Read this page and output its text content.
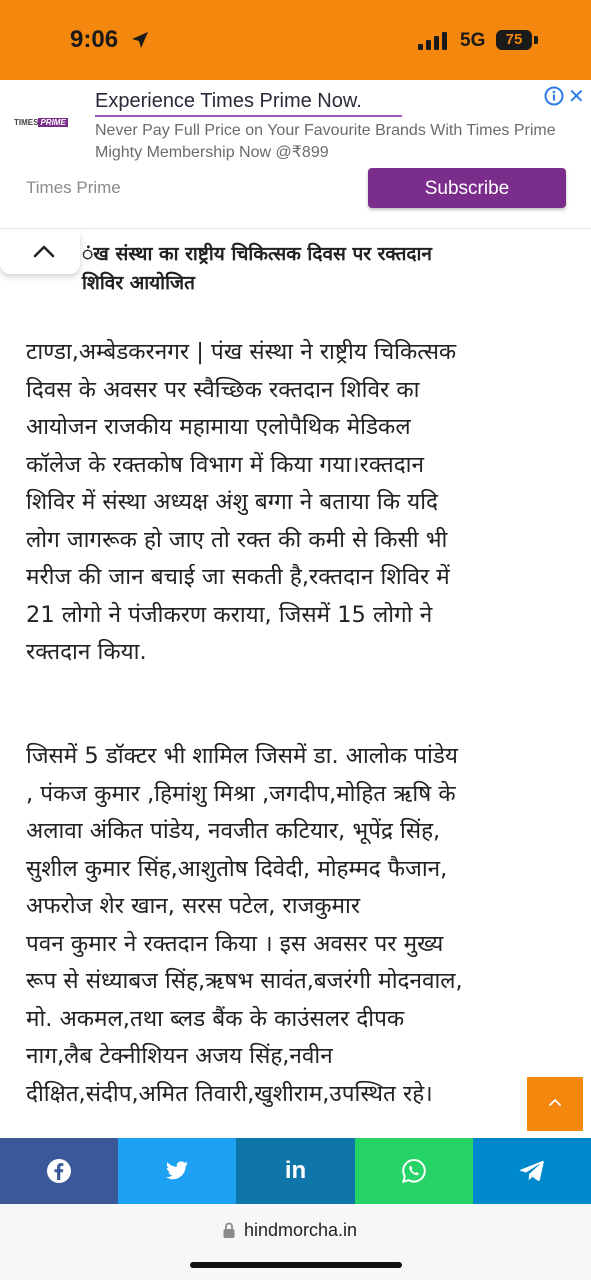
9:06	5G	75
TIMES PRIME
Experience Times Prime Now.
Never Pay Full Price on Your Favourite Brands With Times Prime Mighty Membership Now @₹899
✕
Times Prime	Subscribe
ंख संस्था का राष्ट्रीय चिकित्सक दिवस पर रक्तदान
शिविर आयोजित
टाण्डा,अम्बेडकरनगर | पंख संस्था ने राष्ट्रीय चिकित्सक
दिवस के अवसर पर स्वैच्छिक रक्तदान शिविर का
आयोजन राजकीय महामाया एलोपैथिक मेडिकल
कॉलेज के रक्तकोष विभाग में किया गया।रक्तदान
शिविर में संस्था अध्यक्ष अंशु बग्गा ने बताया कि यदि
लोग जागरूक हो जाए तो रक्त की कमी से किसी भी
मरीज की जान बचाई जा सकती है,रक्तदान शिविर में
21 लोगो ने पंजीकरण कराया, जिसमें 15 लोगो ने
रक्तदान किया.
जिसमें 5 डॉक्टर भी शामिल जिसमें डा. आलोक पांडेय
, पंकज कुमार ,हिमांशु मिश्रा ,जगदीप,मोहित ऋषि के
अलावा अंकित पांडेय, नवजीत कटियार, भूपेंद्र सिंह,
सुशील कुमार सिंह,आशुतोष दिवेदी, मोहम्मद फैजान,
अफरोज शेर खान, सरस पटेल, राजकुमार
पवन कुमार ने रक्तदान किया । इस अवसर पर मुख्य
रूप से संध्याबज सिंह,ऋषभ सावंत,बजरंगी मोदनवाल,
मो. अकमल,तथा ब्लड बैंक के काउंसलर दीपक
नाग,लैब टेक्नीशियन अजय सिंह,नवीन
दीक्षित,संदीप,अमित तिवारी,खुशीराम,उपस्थित रहे।
in
hindmorcha.in
